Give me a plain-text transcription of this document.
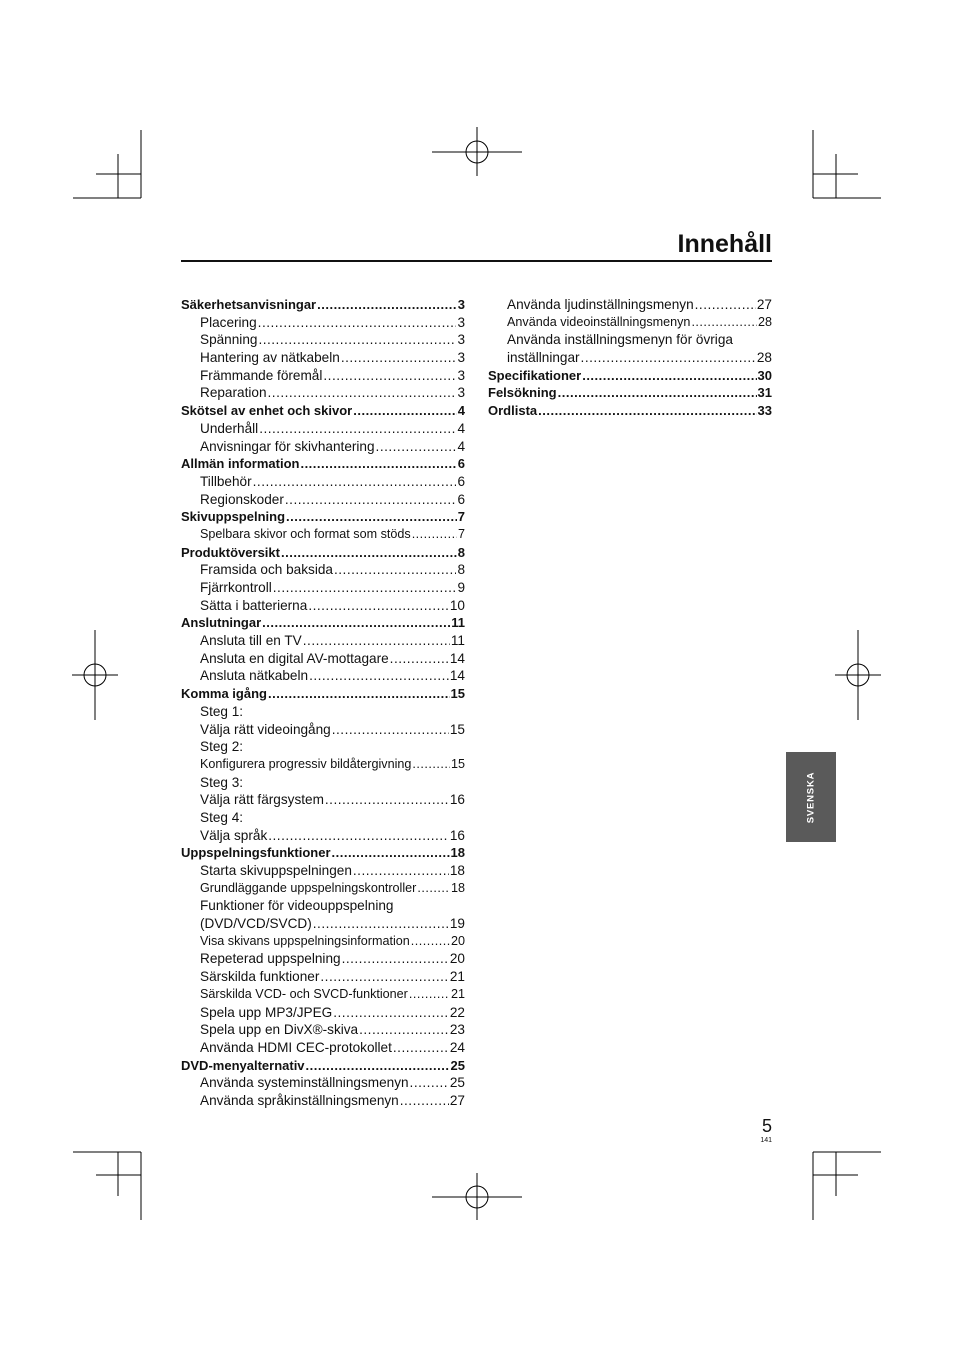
Innehåll
Säkerhetsanvisningar .....	3
Placering .....	3
Spänning .....	3
Hantering av nätkabeln .....	3
Främmande föremål .....	3
Reparation .....	3
Skötsel av enhet och skivor .....	4
Underhåll .....	4
Anvisningar för skivhantering .....	4
Allmän information .....	6
Tillbehör .....	6
Regionskoder .....	6
Skivuppspelning .....	7
Spelbara skivor och format som stöds .....	7
Produktöversikt .....	8
Framsida och baksida .....	8
Fjärrkontroll .....	9
Sätta i batterierna .....	10
Anslutningar .....	11
Ansluta till en TV .....	11
Ansluta en digital AV-mottagare .....	14
Ansluta nätkabeln .....	14
Komma igång .....	15
Steg 1:
Välja rätt videoingång .....	15
Steg 2:
Konfigurera progressiv bildåtergivning .....	15
Steg 3:
Välja rätt färgsystem .....	16
Steg 4:
Välja språk .....	16
Uppspelningsfunktioner .....	18
Starta skivuppspelningen .....	18
Grundläggande uppspelningskontroller .....	18
Funktioner för videouppspelning
(DVD/VCD/SVCD) .....	19
Visa skivans uppspelningsinformation .....	20
Repeterad uppspelning .....	20
Särskilda funktioner .....	21
Särskilda VCD- och SVCD-funktioner .....	21
Spela upp MP3/JPEG .....	22
Spela upp en DivX®-skiva .....	23
Använda HDMI CEC-protokollet .....	24
DVD-menyalternativ .....	25
Använda systeminställningsmenyn .....	25
Använda språkinställningsmenyn .....	27
Använda ljudinställningsmenyn .....	27
Använda videoinställningsmenyn .....	28
Använda inställningsmenyn för övriga
inställningar .....	28
Specifikationer .....	30
Felsökning .....	31
Ordlista .....	33
SVENSKA
5
141
